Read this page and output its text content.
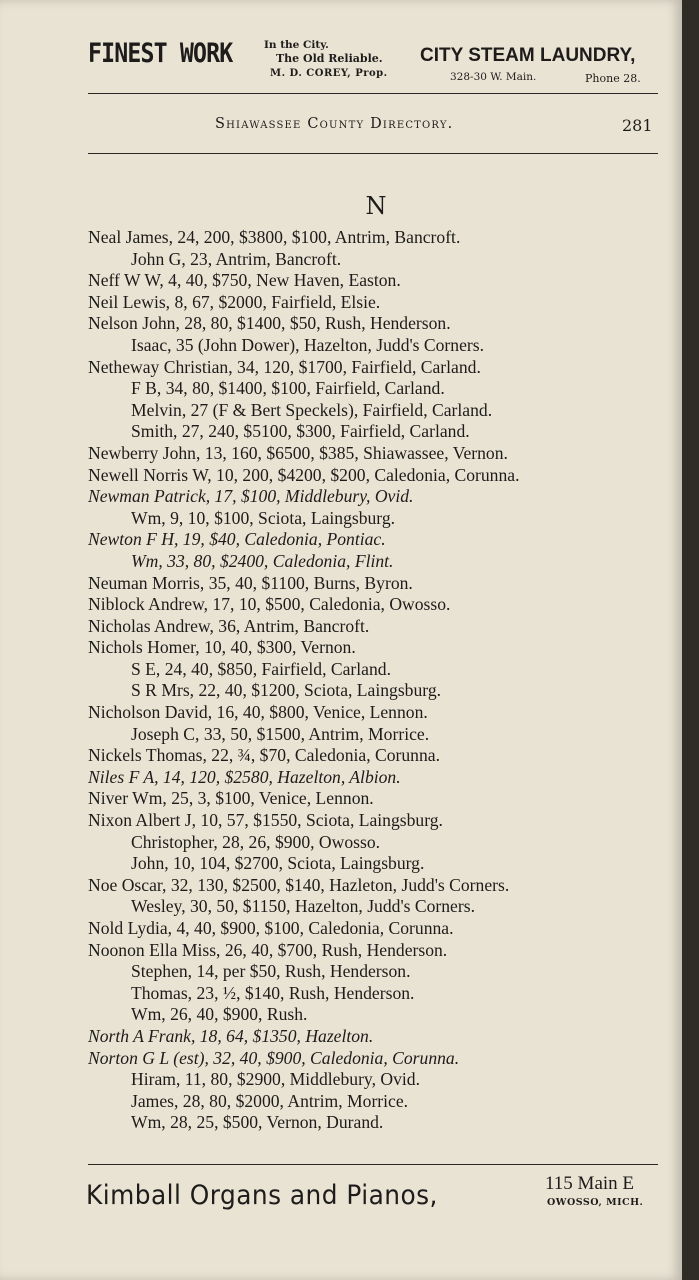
FINEST WORK	In the City.
The Old Reliable.
M. D. COREY, Prop.
CITY STEAM LAUNDRY,
328-30 W. Main.	Phone 28.
Shiawassee County Directory.	281
N
Neal James, 24, 200, $3800, $100, Antrim, Bancroft.
John G, 23, Antrim, Bancroft.
Neff W W, 4, 40, $750, New Haven, Easton.
Neil Lewis, 8, 67, $2000, Fairfield, Elsie.
Nelson John, 28, 80, $1400, $50, Rush, Henderson.
Isaac, 35 (John Dower), Hazelton, Judd's Corners.
Netheway Christian, 34, 120, $1700, Fairfield, Carland.
F B, 34, 80, $1400, $100, Fairfield, Carland.
Melvin, 27 (F & Bert Speckels), Fairfield, Carland.
Smith, 27, 240, $5100, $300, Fairfield, Carland.
Newberry John, 13, 160, $6500, $385, Shiawassee, Vernon.
Newell Norris W, 10, 200, $4200, $200, Caledonia, Corunna.
Newman Patrick, 17, $100, Middlebury, Ovid.
Wm, 9, 10, $100, Sciota, Laingsburg.
Newton F H, 19, $40, Caledonia, Pontiac.
Wm, 33, 80, $2400, Caledonia, Flint.
Neuman Morris, 35, 40, $1100, Burns, Byron.
Niblock Andrew, 17, 10, $500, Caledonia, Owosso.
Nicholas Andrew, 36, Antrim, Bancroft.
Nichols Homer, 10, 40, $300, Vernon.
S E, 24, 40, $850, Fairfield, Carland.
S R Mrs, 22, 40, $1200, Sciota, Laingsburg.
Nicholson David, 16, 40, $800, Venice, Lennon.
Joseph C, 33, 50, $1500, Antrim, Morrice.
Nickels Thomas, 22, ¾, $70, Caledonia, Corunna.
Niles F A, 14, 120, $2580, Hazelton, Albion.
Niver Wm, 25, 3, $100, Venice, Lennon.
Nixon Albert J, 10, 57, $1550, Sciota, Laingsburg.
Christopher, 28, 26, $900, Owosso.
John, 10, 104, $2700, Sciota, Laingsburg.
Noe Oscar, 32, 130, $2500, $140, Hazleton, Judd's Corners.
Wesley, 30, 50, $1150, Hazelton, Judd's Corners.
Nold Lydia, 4, 40, $900, $100, Caledonia, Corunna.
Noonon Ella Miss, 26, 40, $700, Rush, Henderson.
Stephen, 14, per $50, Rush, Henderson.
Thomas, 23, ½, $140, Rush, Henderson.
Wm, 26, 40, $900, Rush.
North A Frank, 18, 64, $1350, Hazelton.
Norton G L (est), 32, 40, $900, Caledonia, Corunna.
Hiram, 11, 80, $2900, Middlebury, Ovid.
James, 28, 80, $2000, Antrim, Morrice.
Wm, 28, 25, $500, Vernon, Durand.
Kimball Organs and Pianos,	115 Main E
OWOSSO, MICH.
